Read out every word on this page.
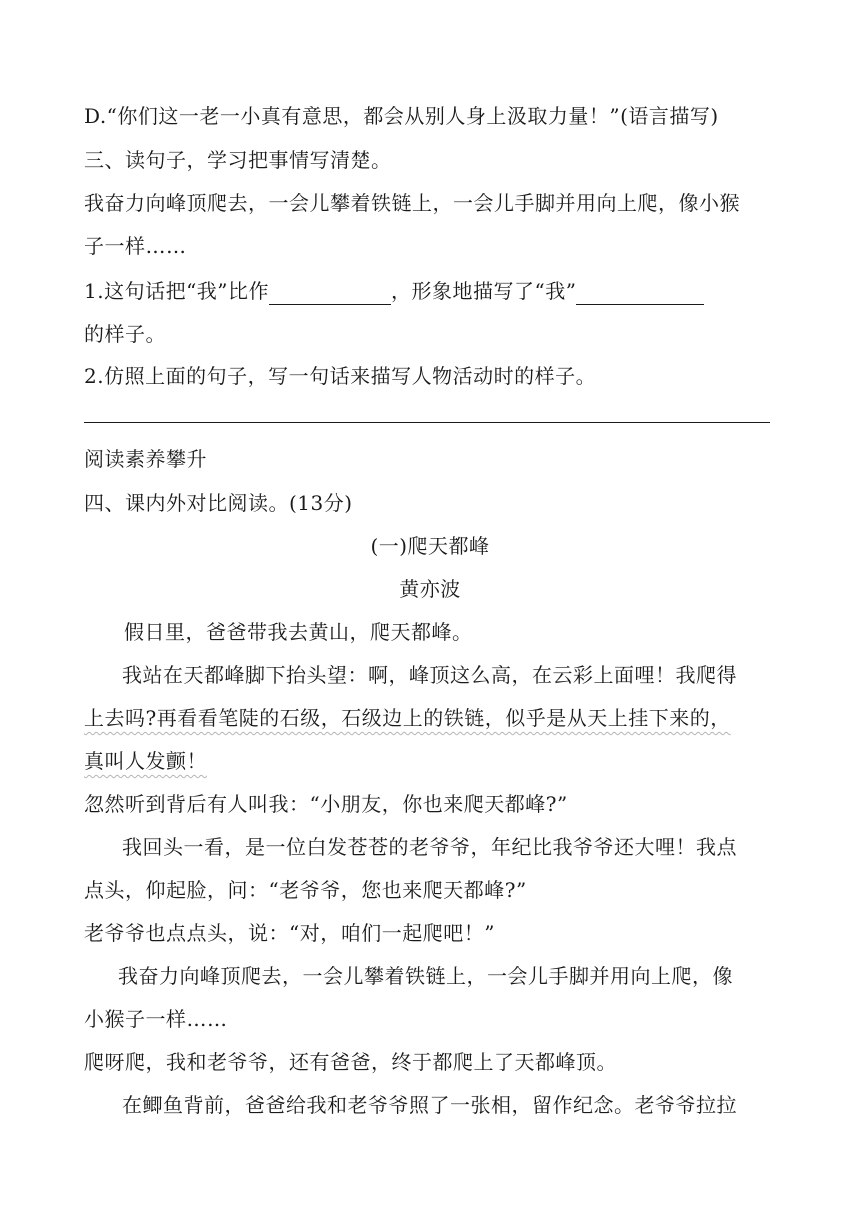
D.“你们这一老一小真有意思，都会从别人身上汲取力量！”(语言描写)
三、读句子，学习把事情写清楚。
我奋力向峰顶爬去，一会儿攀着铁链上，一会儿手脚并用向上爬，像小猴
子一样……
1.这句话把“我”比作	，形象地描写了“我”
的样子。
2.仿照上面的句子，写一句话来描写人物活动时的样子。
阅读素养攀升
四、课内外对比阅读。(13分)
(一)爬天都峰
黄亦波
假日里，爸爸带我去黄山，爬天都峰。
我站在天都峰脚下抬头望：啊，峰顶这么高，在云彩上面哩！我爬得
上去吗?再看看笔陡的石级，石级边上的铁链，似乎是从天上挂下来的，
真叫人发颤！
忽然听到背后有人叫我：“小朋友，你也来爬天都峰?”
我回头一看，是一位白发苍苍的老爷爷，年纪比我爷爷还大哩！我点
点头，仰起脸，问：“老爷爷，您也来爬天都峰?”
老爷爷也点点头，说：“对，咱们一起爬吧！”
我奋力向峰顶爬去，一会儿攀着铁链上，一会儿手脚并用向上爬，像
小猴子一样……
爬呀爬，我和老爷爷，还有爸爸，终于都爬上了天都峰顶。
在鲫鱼背前，爸爸给我和老爷爷照了一张相，留作纪念。老爷爷拉拉
